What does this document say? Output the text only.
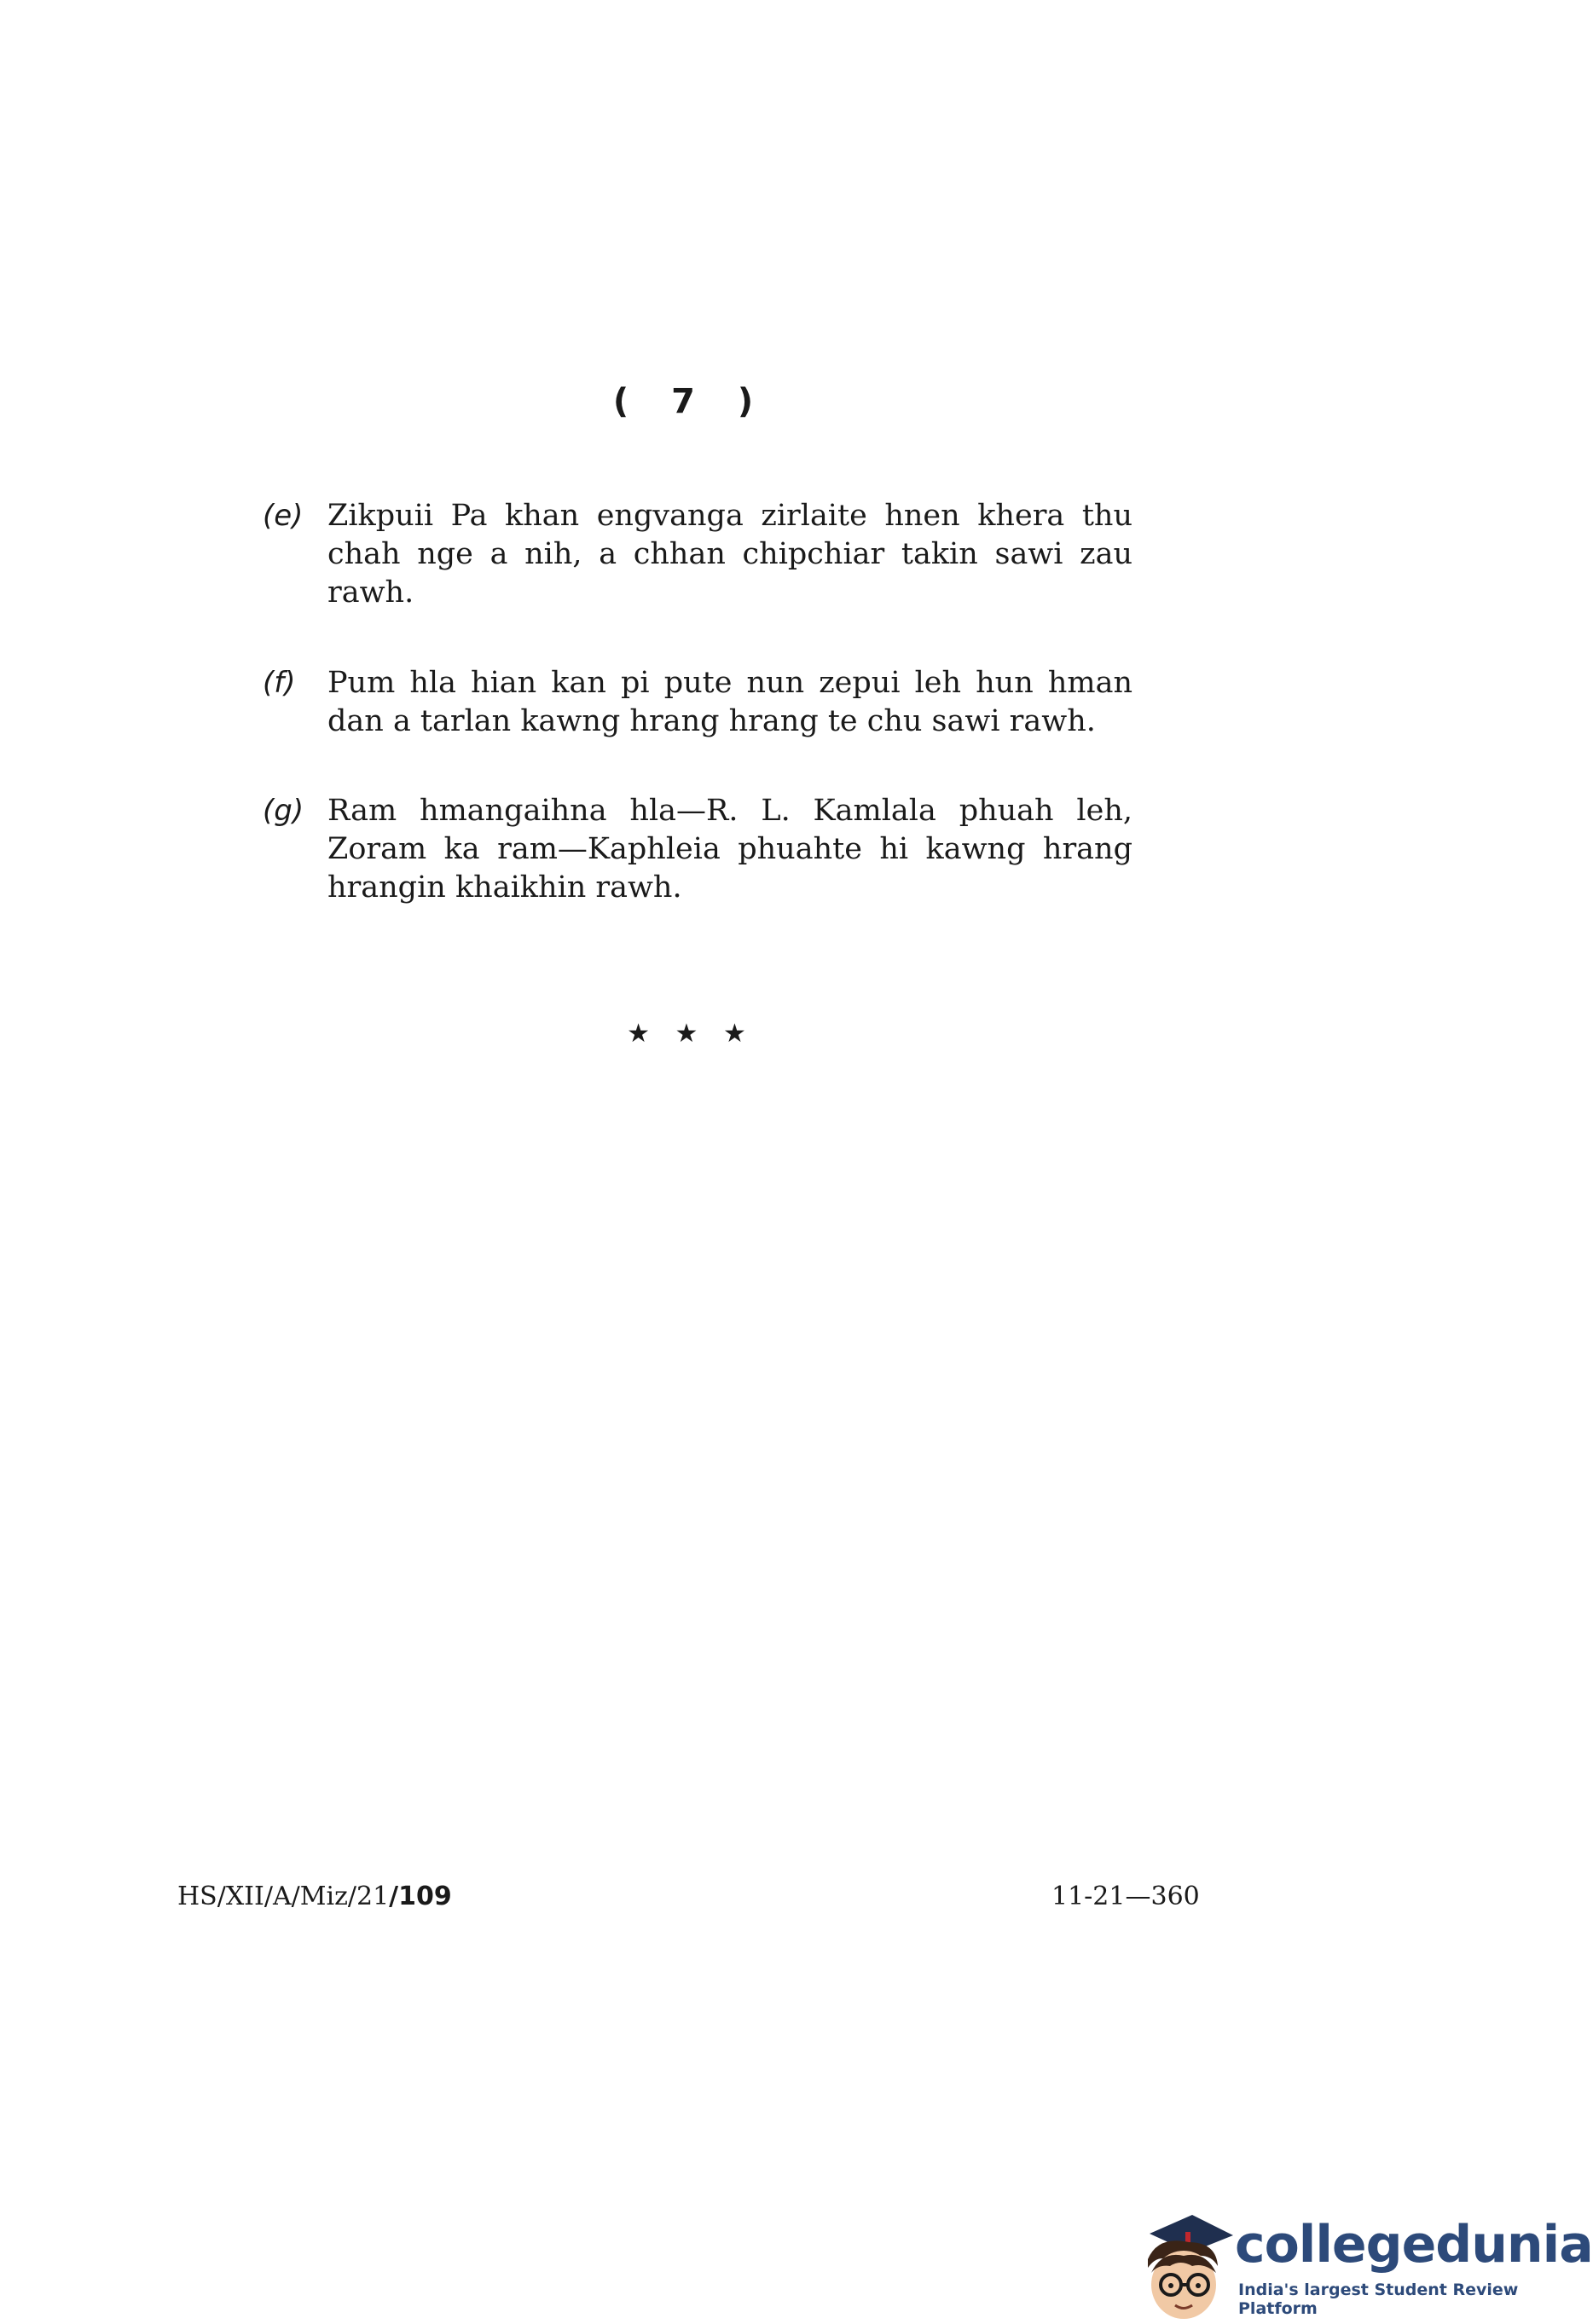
( 7 )
(e) Zikpuii Pa khan engvanga zirlaite hnen khera thu chah nge a nih, a chhan chipchiar takin sawi zau rawh.
(f) Pum hla hian kan pi pute nun zepui leh hun hman dan a tarlan kawng hrang hrang te chu sawi rawh.
(g) Ram hmangaihna hla—R. L. Kamlala phuah leh, Zoram ka ram—Kaphleia phuahte hi kawng hrang hrangin khaikhin rawh.
★ ★ ★
HS/XII/A/Miz/21/109	11-21—360
collegedunia
India's largest Student Review Platform
